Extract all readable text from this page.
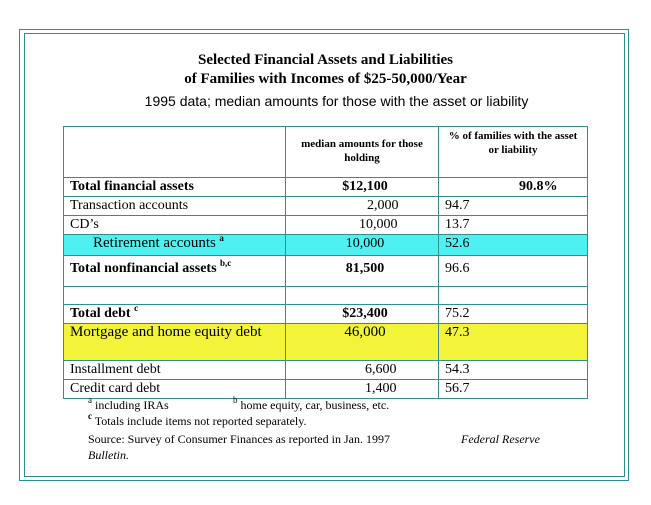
Selected Financial Assets and Liabilities
of Families with Incomes of $25-50,000/Year
1995 data; median amounts for those with the asset or liability
	median amounts for those holding	% of families with the asset or liability
Total financial assets	$12,100	90.8%
Transaction accounts	2,000	94.7
CD’s	10,000	13.7
Retirement accounts $^a$	10,000	52.6
Total nonfinancial assets $^{b,c}$	81,500	96.6

Total debt $^c$	$23,400	75.2
Mortgage and home equity debt	46,000	47.3
Installment debt	6,600	54.3
Credit card debt	1,400	56.7
$^a$ including IRAs	$^b$ home equity, car, business, etc.
$^c$ Totals include items not reported separately.
Source: Survey of Consumer Finances as reported in Jan. 1997	Federal Reserve
Bulletin.
